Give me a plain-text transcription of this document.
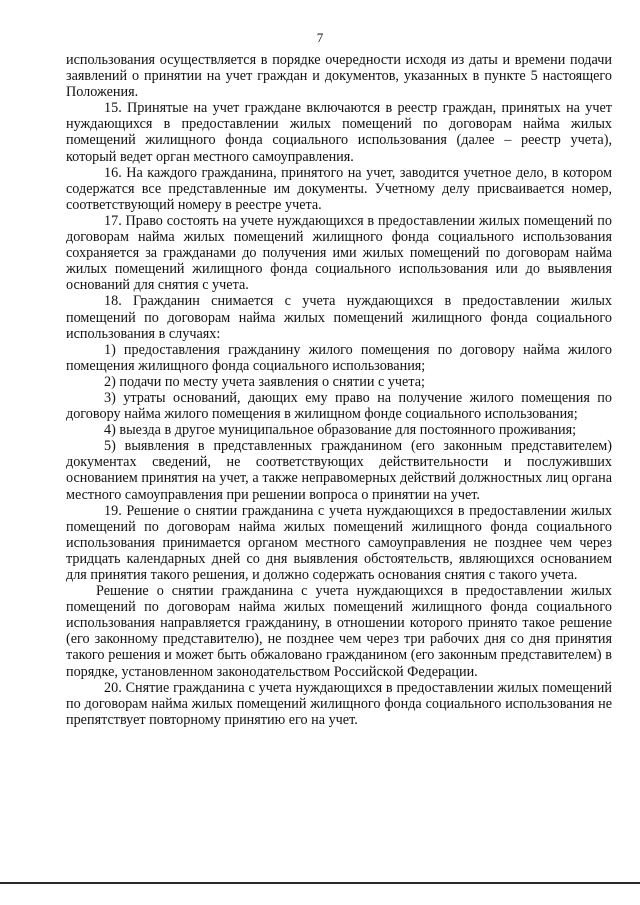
7

использования осуществляется в порядке очередности исходя из даты и времени подачи заявлений о принятии на учет граждан и документов, указанных в пункте 5 настоящего Положения.

15. Принятые на учет граждане включаются в реестр граждан, принятых на учет нуждающихся в предоставлении жилых помещений по договорам найма жилых помещений жилищного фонда социального использования (далее – реестр учета), который ведет орган местного самоуправления.

16. На каждого гражданина, принятого на учет, заводится учетное дело, в котором содержатся все представленные им документы. Учетному делу присваивается номер, соответствующий номеру в реестре учета.

17. Право состоять на учете нуждающихся в предоставлении жилых помещений по договорам найма жилых помещений жилищного фонда социального использования сохраняется за гражданами до получения ими жилых помещений по договорам найма жилых помещений жилищного фонда социального использования или до выявления оснований для снятия с учета.

18. Гражданин снимается с учета нуждающихся в предоставлении жилых помещений по договорам найма жилых помещений жилищного фонда социального использования в случаях:

1) предоставления гражданину жилого помещения по договору найма жилого помещения жилищного фонда социального использования;

2) подачи по месту учета заявления о снятии с учета;

3) утраты оснований, дающих ему право на получение жилого помещения по договору найма жилого помещения в жилищном фонде социального использования;

4) выезда в другое муниципальное образование для постоянного проживания;

5) выявления в представленных гражданином (его законным представителем) документах сведений, не соответствующих действительности и послуживших основанием принятия на учет, а также неправомерных действий должностных лиц органа местного самоуправления при решении вопроса о принятии на учет.

19. Решение о снятии гражданина с учета нуждающихся в предоставлении жилых помещений по договорам найма жилых помещений жилищного фонда социального использования принимается органом местного самоуправления не позднее чем через тридцать календарных дней со дня выявления обстоятельств, являющихся основанием для принятия такого решения, и должно содержать основания снятия с такого учета.

Решение о снятии гражданина с учета нуждающихся в предоставлении жилых помещений по договорам найма жилых помещений жилищного фонда социального использования направляется гражданину, в отношении которого принято такое решение (его законному представителю), не позднее чем через три рабочих дня со дня принятия такого решения и может быть обжаловано гражданином (его законным представителем) в порядке, установленном законодательством Российской Федерации.

20. Снятие гражданина с учета нуждающихся в предоставлении жилых помещений по договорам найма жилых помещений жилищного фонда социального использования не препятствует повторному принятию его на учет.
